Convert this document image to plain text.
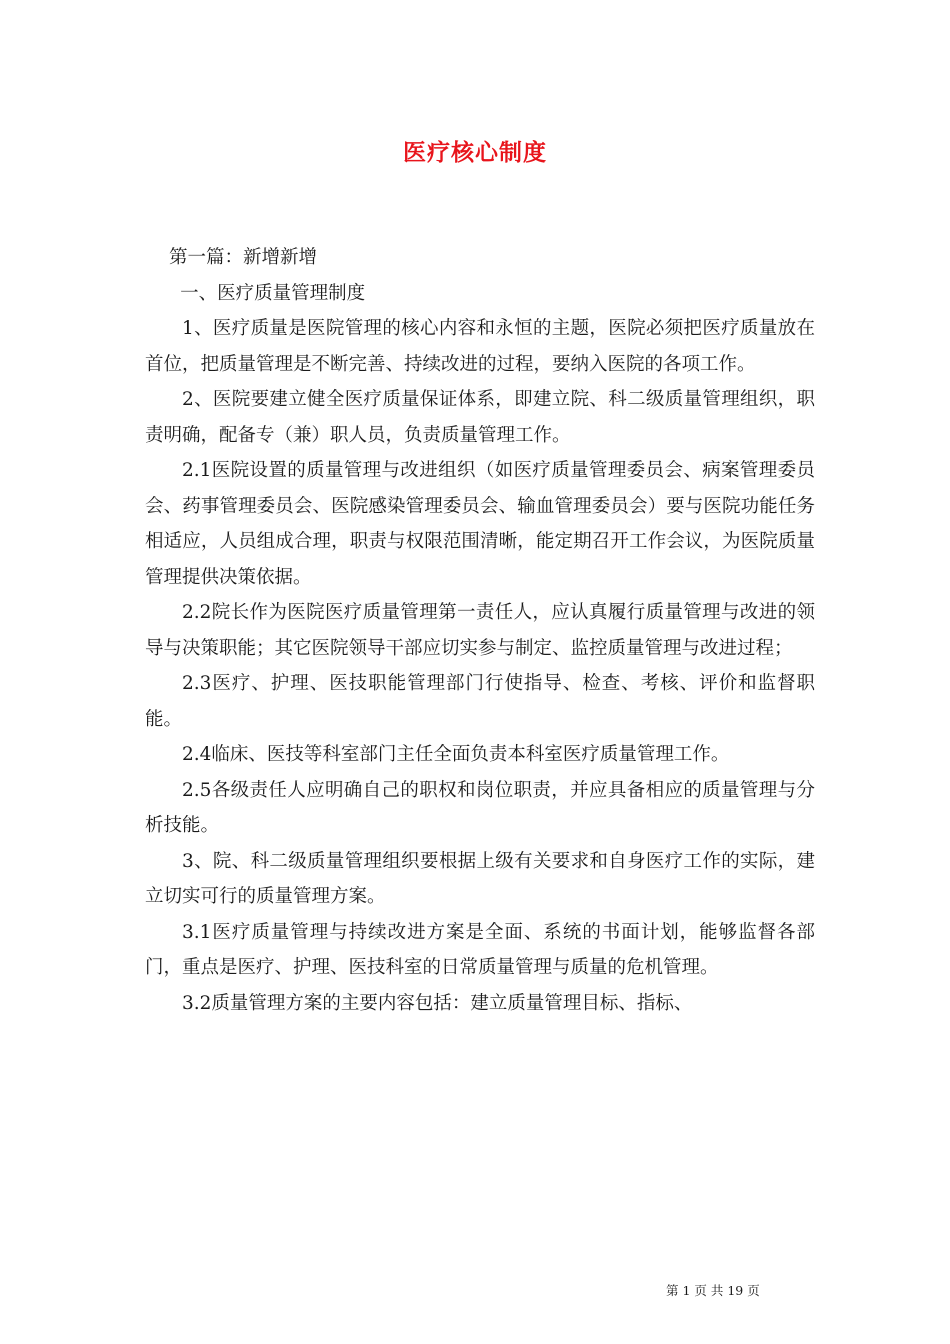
医疗核心制度

第一篇：新增新增

一、医疗质量管理制度

1、医疗质量是医院管理的核心内容和永恒的主题，医院必须把医疗质量放在首位，把质量管理是不断完善、持续改进的过程，要纳入医院的各项工作。

2、医院要建立健全医疗质量保证体系，即建立院、科二级质量管理组织，职责明确，配备专（兼）职人员，负责质量管理工作。

2.1医院设置的质量管理与改进组织（如医疗质量管理委员会、病案管理委员会、药事管理委员会、医院感染管理委员会、输血管理委员会）要与医院功能任务相适应，人员组成合理，职责与权限范围清晰，能定期召开工作会议，为医院质量管理提供决策依据。

2.2院长作为医院医疗质量管理第一责任人，应认真履行质量管理与改进的领导与决策职能；其它医院领导干部应切实参与制定、监控质量管理与改进过程；

2.3医疗、护理、医技职能管理部门行使指导、检查、考核、评价和监督职能。

2.4临床、医技等科室部门主任全面负责本科室医疗质量管理工作。

2.5各级责任人应明确自己的职权和岗位职责，并应具备相应的质量管理与分析技能。

3、院、科二级质量管理组织要根据上级有关要求和自身医疗工作的实际，建立切实可行的质量管理方案。

3.1医疗质量管理与持续改进方案是全面、系统的书面计划，能够监督各部门，重点是医疗、护理、医技科室的日常质量管理与质量的危机管理。

3.2质量管理方案的主要内容包括：建立质量管理目标、指标、

第 1 页 共 19 页
